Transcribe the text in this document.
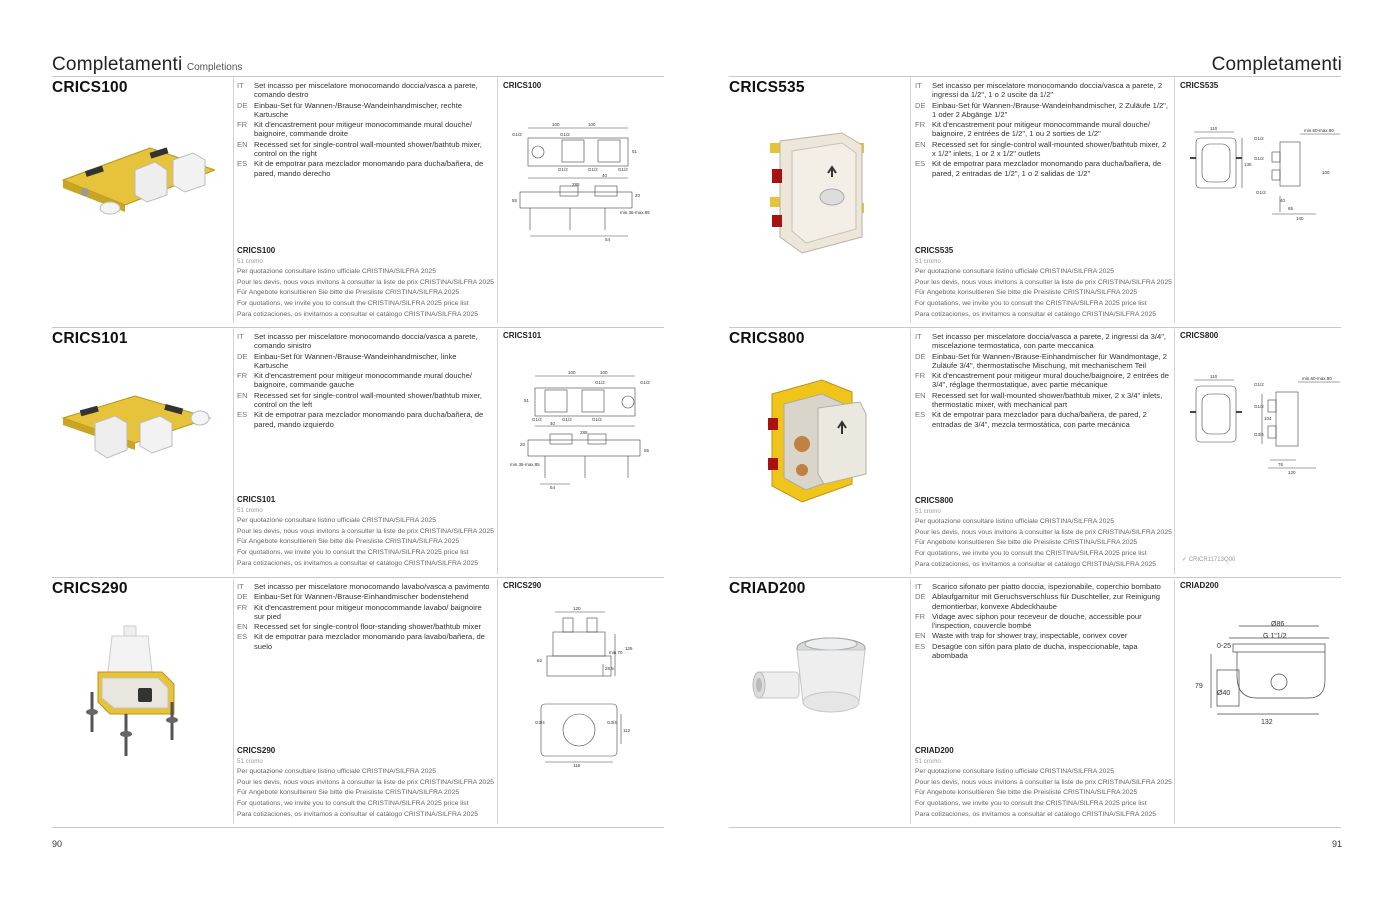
Completamenti Completions
CRICS100	IT	Set incasso per miscelatore monocomando doccia/vasca a parete, comando destro
DE Einbau-Set für Wannen-/Brause-Wandeinhandmischer, rechte Kartusche
FR Kit d'encastrement pour mitigeur monocommande mural douche/ baignoire, commande droite
EN Recessed set for single-control wall-mounted shower/bathtub mixer, control on the right
ES Kit de empotrar para mezclador monomando para ducha/bañera, de pared, mando derecho
CRICS100
51 cromo
Per quotazione consultare listino ufficiale CRISTINA/SILFRA 2025
Pour les devis, nous vous invitons à consulter la liste de prix CRISTINA/SILFRA 2025
Für Angebote konsultieren Sie bitte die Preisliste CRISTINA/SILFRA 2025
For quotations, we invite you to consult the CRISTINA/SILFRA 2025 price list
Para cotizaciones, os invitamos a consultar el catálogo CRISTINA/SILFRA 2025
CRICS100
100	100
G1/2
G1/2
G1/2	G1/2	G1/2
40
285
55
51
20
min.36-max.85
54
CRICS101	IT	Set incasso per miscelatore monocomando doccia/vasca a parete, comando sinistro
DE Einbau-Set für Wannen-/Brause-Wandeinhandmischer, linke Kartusche
FR Kit d'encastrement pour mitigeur monocommande mural douche/ baignoire, commande gauche
EN Recessed set for single-control wall-mounted shower/bathtub mixer, control on the left
ES Kit de empotrar para mezclador monomando para ducha/bañera, de pared, mando izquierdo
CRICS101
51 cromo
Per quotazione consultare listino ufficiale CRISTINA/SILFRA 2025
Pour les devis, nous vous invitons à consulter la liste de prix CRISTINA/SILFRA 2025
Für Angebote konsultieren Sie bitte die Preisliste CRISTINA/SILFRA 2025
For quotations, we invite you to consult the CRISTINA/SILFRA 2025 price list
Para cotizaciones, os invitamos a consultar el catálogo CRISTINA/SILFRA 2025
CRICS101
100	100
G1/2	G1/2
G1/2	G1/2	G1/2
40
285
55
51
20
min.36-max.85
54
CRICS290	IT	Set incasso per miscelatore monocomando lavabo/vasca a pavimento
DE Einbau-Set für Wannen-/Brause-Einhandmischer bodenstehend
FR Kit d'encastrement pour mitigeur monocommande lavabo/ baignoire sur pied
EN Recessed set for single-control floor-standing shower/bathtub mixer
ES Kit de empotrar para mezclador monomando para lavabo/bañera, de suelo
CRICS290
51 cromo
Per quotazione consultare listino ufficiale CRISTINA/SILFRA 2025
Pour les devis, nous vous invitons à consulter la liste de prix CRISTINA/SILFRA 2025
Für Angebote konsultieren Sie bitte die Preisliste CRISTINA/SILFRA 2025
For quotations, we invite you to consult the CRISTINA/SILFRA 2025 price list
Para cotizaciones, os invitamos a consultar el catálogo CRISTINA/SILFRA 2025
CRICS290
120
126
min.70
28.5
62
G3/4	G3/4
112
116
90
Completamenti
CRICS535	IT	Set incasso per miscelatore monocomando doccia/vasca a parete, 2 ingressi da 1/2", 1 o 2 uscite da 1/2"
DE Einbau-Set für Wannen-/Brause-Wandeinhandmischer, 2 Zuläufe 1/2", 1 oder 2 Abgänge 1/2"
FR Kit d'encastrement pour mitigeur monocommande mural douche/ baignoire, 2 entrées de 1/2", 1 ou 2 sorties de 1/2"
EN Recessed set for single-control wall-mounted shower/bathtub mixer, 2 x 1/2" inlets, 1 or 2 x 1/2" outlets
ES Kit de empotrar para mezclador monomando para ducha/bañera, de pared, 2 entradas de 1/2", 1 o 2 salidas de 1/2"
CRICS535
51 cromo
Per quotazione consultare listino ufficiale CRISTINA/SILFRA 2025
Pour les devis, nous vous invitons à consulter la liste de prix CRISTINA/SILFRA 2025
Für Angebote konsultieren Sie bitte die Preisliste CRISTINA/SILFRA 2025
For quotations, we invite you to consult the CRISTINA/SILFRA 2025 price list
Para cotizaciones, os invitamos a consultar el catálogo CRISTINA/SILFRA 2025
CRICS535
110
G1/2
G1/2
G1/2
135
min.60-max.90
100
40
65
140
CRICS800	IT	Set incasso per miscelatore doccia/vasca a parete, 2 ingressi da 3/4", miscelazione termostatica, con parte meccanica
DE Einbau-Set für Wannen-/Brause-Einhandmischer für Wandmontage, 2 Zuläufe 3/4", thermostatische Mischung, mit mechanischem Teil
FR Kit d'encastrement pour mitigeur mural douche/baignoire, 2 entrées de 3/4", réglage thermostatique, avec partie mécanique
EN Recessed set for wall-mounted shower/bathtub mixer, 2 x 3/4" inlets, thermostatic mixer, with mechanical part
ES Kit de empotrar para mezclador para ducha/bañera, de pared, 2 entradas de 3/4", mezcla termostática, con parte mecánica
CRICS800
51 cromo
Per quotazione consultare listino ufficiale CRISTINA/SILFRA 2025
Pour les devis, nous vous invitons à consulter la liste de prix CRISTINA/SILFRA 2025
Für Angebote konsultieren Sie bitte die Preisliste CRISTINA/SILFRA 2025
For quotations, we invite you to consult the CRISTINA/SILFRA 2025 price list
Para cotizaciones, os invitamos a consultar el catálogo CRISTINA/SILFRA 2025
CRICS800
110
G1/2
G1/2
G3/4
min.60-max.90
104
76
120
✓ CRICR11713Q00
CRIAD200	IT	Scarico sifonato per piatto doccia, ispezionabile, coperchio bombato
DE Ablaufgarnitur mit Geruchsverschluss für Duschteller, zur Reinigung demontierbar, konvexe Abdeckhaube
FR Vidage avec siphon pour receveur de douche, accessible pour l'inspection, couvercle bombé
EN Waste with trap for shower tray, inspectable, convex cover
ES Desagüe con sifón para plato de ducha, inspeccionable, tapa abombada
CRIAD200
51 cromo
Per quotazione consultare listino ufficiale CRISTINA/SILFRA 2025
Pour les devis, nous vous invitons à consulter la liste de prix CRISTINA/SILFRA 2025
Für Angebote konsultieren Sie bitte die Preisliste CRISTINA/SILFRA 2025
For quotations, we invite you to consult the CRISTINA/SILFRA 2025 price list
Para cotizaciones, os invitamos a consultar el catálogo CRISTINA/SILFRA 2025
CRIAD200
Ø86
G 1"1/2
0-25
79
Ø40
132
91
